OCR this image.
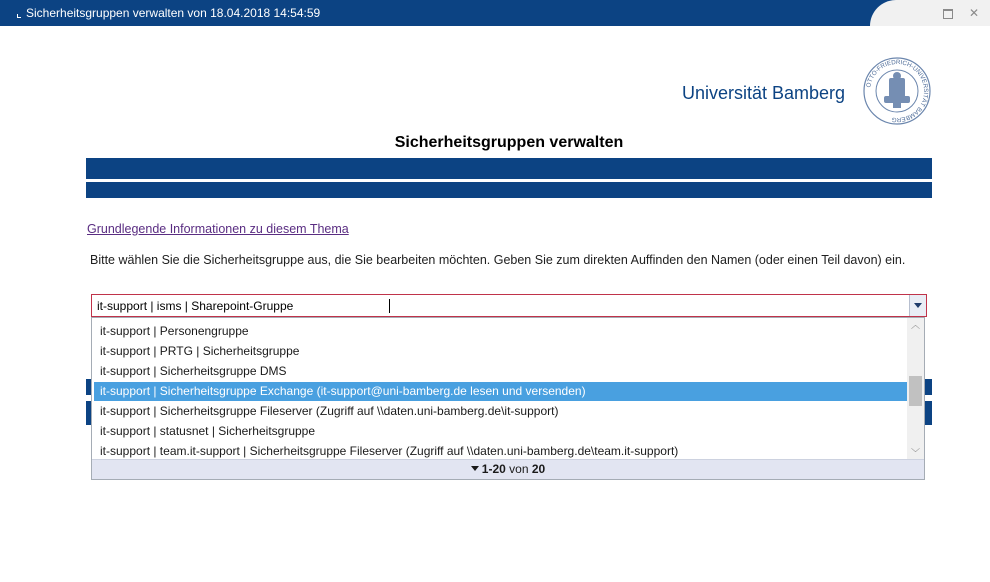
Sicherheitsgruppen verwalten von 18.04.2018 14:54:59	✕
Universität Bamberg	OTTO-FRIEDRICH-UNIVERSITÄT BAMBERG
Sicherheitsgruppen verwalten
Grundlegende Informationen zu diesem Thema
Bitte wählen Sie die Sicherheitsgruppe aus, die Sie bearbeiten möchten. Geben Sie zum direkten Auffinden den Namen (oder einen Teil davon) ein.
it-support | isms | Sharepoint-Gruppe
it-support | Personengruppe
it-support | PRTG | Sicherheitsgruppe
it-support | Sicherheitsgruppe DMS
it-support | Sicherheitsgruppe Exchange (it-support@uni-bamberg.de lesen und versenden)
it-support | Sicherheitsgruppe Fileserver (Zugriff auf \\daten.uni-bamberg.de\it-support)
it-support | statusnet | Sicherheitsgruppe
it-support | team.it-support | Sicherheitsgruppe Fileserver (Zugriff auf \\daten.uni-bamberg.de\team.it-support)
︿
﹀
1-20 von 20
